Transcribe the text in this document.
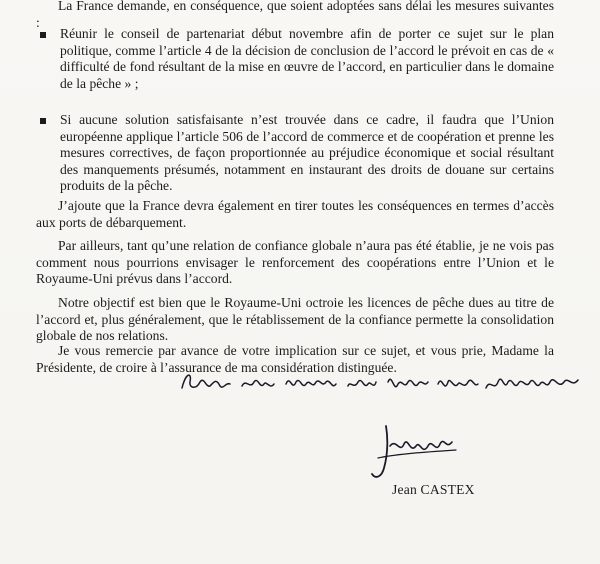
La France demande, en conséquence, que soient adoptées sans délai les mesures suivantes :

Réunir le conseil de partenariat début novembre afin de porter ce sujet sur le plan politique, comme l’article 4 de la décision de conclusion de l’accord le prévoit en cas de « difficulté de fond résultant de la mise en œuvre de l’accord, en particulier dans le domaine de la pêche » ;

Si aucune solution satisfaisante n’est trouvée dans ce cadre, il faudra que l’Union européenne applique l’article 506 de l’accord de commerce et de coopération et prenne les mesures correctives, de façon proportionnée au préjudice économique et social résultant des manquements présumés, notamment en instaurant des droits de douane sur certains produits de la pêche.

J’ajoute que la France devra également en tirer toutes les conséquences en termes d’accès aux ports de débarquement.

Par ailleurs, tant qu’une relation de confiance globale n’aura pas été établie, je ne vois pas comment nous pourrions envisager le renforcement des coopérations entre l’Union et le Royaume-Uni prévus dans l’accord.

Notre objectif est bien que le Royaume-Uni octroie les licences de pêche dues au titre de l’accord et, plus généralement, que le rétablissement de la confiance permette la consolidation globale de nos relations.

Je vous remercie par avance de votre implication sur ce sujet, et vous prie, Madame la Présidente, de croire à l’assurance de ma considération distinguée.

Jean CASTEX
